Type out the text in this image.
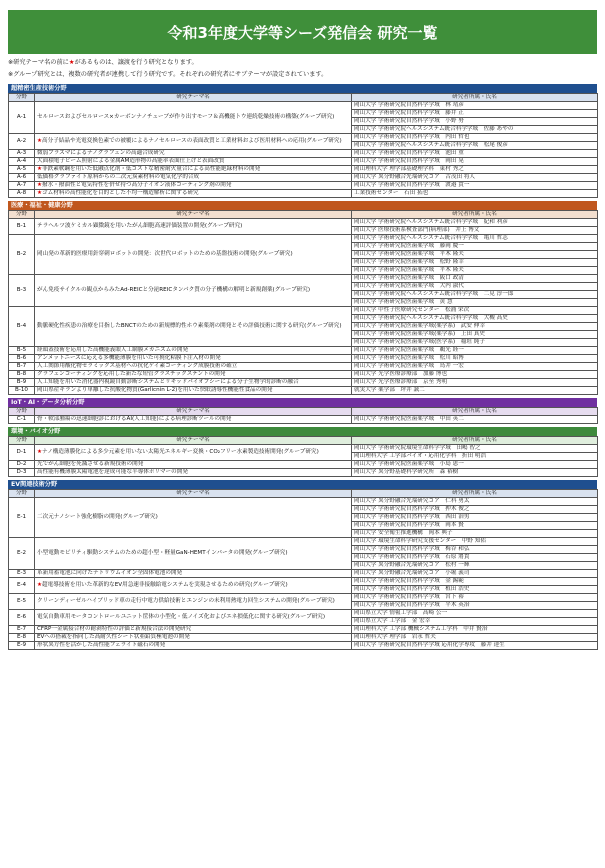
令和3年度大学等シーズ発信会 研究一覧
※研究テーマ名の前に★があるものは、譲渡を行う研究となります。
※グループ研究とは、複数の研究者が連携して行う研究です。それぞれの研究者にサブテーマが設定されています。
超精密生産技術分野
分野	研究テーマ名	研究者所属・氏名
A-1	セルロースおよびセルロース×カーボンナノチューブが作り出すモーフ＆高機能トウ連続乾燥技術の構築(グループ研究)	岡山大学 学術研究院自然科学学域　林 靖彦
岡山大学 学術研究院自然科学学域　藤井 正
岡山大学 学術研究院自然科学学域　小野 努
岡山大学 学術研究院ヘルスシステム統合科学学域　佐藤 あやの

A-2	★高分子結晶や光電変換色素での被覆によるナノセルロースの表面改質と工業材料および医用材料への応用(グループ研究)	岡山大学 学術研究院自然科学学域　内田 哲也
岡山大学 学術研究院ヘルスシステム統合科学学域　松尾 俊彦

A-3	微弱プラズマによるナノグラフェンの高適合成研究	岡山大学 学術研究院自然科学学域　池田 重

A-4	大面積電子ビーム照射による金属AM造形物の高能率表面仕上げと表面改質	岡山大学 学術研究院自然科学学域　岡田 晃

A-5	★非鉄素軟鋼を用いた低融点化剤・低コストな精密耐火量合による高性能絶緑材料の開発	岡山理科大学 理学部基礎理学科　東村 秀之

A-6	低価格グラファイト原料からの二次元炭素材料の電気化学的合成	岡山大学 異分野融合先端研究コア　古茂田 将人

A-7	★撥水・撥油性と電気特性を併せ持つ高分子イオン液体コーティング剤の開発	岡山大学 学術研究院自然科学学域　渡邉 貴一

A-8	★ゴム材料の高性能化を目的とした不均一構造解析に関する研究	工業技術センター　石田 拓也
医療・福祉・健康分野
分野	研究テーマ名	研究者所属・氏名
B-1	テラヘルツ波ケミカル顕微鏡を用いたがん細胞高速評価装置の開発(グループ研究)	岡山大学 学術研究院ヘルスシステム統合科学学域　紀和 利彦
岡山大学 医療技術系検査部門(病理部)　井上 博文

B-2	岡山発の革新的医療用針穿刺ロボットの開発：次世代ロボットのための基盤技術の開発(グループ研究)	岡山大学 学術研究院ヘルスシステム統合科学学域　亀川 哲志
岡山大学 学術研究院医歯薬学域　藤岡 慶一
岡山大学 学術研究院医歯薬学域　平木 隆夫
岡山大学 学術研究院医歯薬学域　松野 隆幸
岡山大学 学術研究院医歯薬学域　平木 隆夫

B-3	がん免疫サイクルの観点からみたAd-REICと分泌REICタンパク質の分子機構の解明と新規創薬(グループ研究)	岡山大学 学術研究院医歯薬学域　阪口 政清
岡山大学 学術研究院医歯薬学域　大内 淑代
岡山大学 学術研究院ヘルスシステム統合科学学域　二見 淳一郎
岡山大学 学術研究院医歯薬学域　黄 慧

B-4	動脈硬化性疾患の治療を目指したBNCTのための新規標的性ホウ素薬剤の開発とその評価技術に関する研究(グループ研究)	岡山大学 中性子医療研究センター　松浦 栄次
岡山大学 学術研究院ヘルスシステム統合科学学域　大槻 高史
岡山大学 学術研究院医歯薬学域(薬学系)　武安 伸幸
岡山大学 学術研究院医歯薬学域(薬学系)　上田 真史
岡山大学 学術研究院医歯薬学域(医学系)　稲垣 純子

B-5	経頭蓋技術を応用した高機能義眼人工網膜メカニズムの開発	岡山大学 学術研究院医歯薬学域　鵜光 経一

B-6	アンメットニーズに応える多機能薄膜を用いた可撓化粘膜下注入材の開発	岡山大学 学術研究院医歯薬学域　松川 昭博

B-7	人工関節用酸化物セラミックス基材への抗化ケイ素コーティング成膜技術の確立	岡山大学 学術研究院医歯薬学域　鳥井 一宏

B-8	グラフェンコーティングを応用した新たな短管グラスチックステントの開発	岡山大学 光学医療診療部　加藤 博也

B-9	人工知能を用いた消化器内視鏡自動診断システムとリキッドバイオプシーによる分子生物学的診断の融合	岡山大学 光学医療診療部　京至 秀明

B-10	岡山県産キランより単離した抗酸化物質(Garlicnin L-2)を用いた快眠誘導性機能性食品の開発	就実大学 薬学部　坪井 誠二
IoT・AI・データ分析分野
分野	研究テーマ名	研究者所属・氏名
C-1	骨・軟部腫瘍の迅速細胞診におけるAI(人工知能)による病理診断ツールの開発	岡山大学 学術研究院医歯薬学域　中田 英二
環境・バイオ分野
分野	研究テーマ名	研究者所属・氏名
D-1	★ナノ構造薄膜化による多少元素を用いない太陽光エネルギー変換・CO₂フリー水素製造技術開発(グループ研究)	岡山大学 学術研究院環境生命科学学域　田嶋 智之
岡山理科大学 工学部バイオ・応用化学科　折田 明浩

D-2	光でがん細胞を死滅させる新規技術の開発	岡山大学 学術研究院医歯薬学域　小島 恵一

D-3	高性能有機薄膜太陽電池を達成可能な半導体ポリマーの開発	岡山大学 異分野基礎科学研究所　森 裕樹
EV関連技術分野
分野	研究テーマ名	研究者所属・氏名
E-1	二次元ナノシート強化樹脂の開発(グループ研究)	岡山大学 異分野融合先端研究コア　仁科 勇太
岡山大学 学術研究院自然科学学域　押木 俊之
岡山大学 学術研究院自然科学学域　西田 治男
岡山大学 学術研究院自然科学学域　岡本 賢
岡山大学 安全衛生推進機構　岡本 典子

E-2	小型電動モビリティ駆動システムのための超小型・軽量GaN-HEMTインバータの開発(グループ研究)	岡山大学 環境生命科学研究支援センター　中野 知佑
岡山大学 学術研究院自然科学学域　梅谷 和弘
岡山大学 学術研究院自然科学学域　石原 將貴
岡山大学 異分野融合先端研究コア　松村 一輝

E-3	革新用蓄電池に向けたナトリウムイオン全固体電池の開発	岡山大学 異分野融合先端研究コア　小堀 義司

E-4	★超電導技術を用いた革新的なEV用急速非接触給電システムを実現させるための研究(グループ研究)	岡山大学 学術研究院自然科学学域　金 錫範
岡山大学 学術研究院自然科学学域　植田 浩史

E-5	クリーンディーゼルハイブリッド車の走行中電力供給技術とエンジンの未利用熱電力回生システムの開発(グループ研究)	岡山大学 学術研究院自然科学学域　宮下 裕
岡山大学 学術研究院自然科学学域　平木 英治

E-6	電気自動車用モータコントロールユニット筐体の小型化・低ノイズ化およびエネ損低化に関する研究(グループ研究)	岡山県立大学 情報工学部　高崎 公一
岡山県立大学 工学部　金 宏幸

E-7	CFRP一金属接合材の耐剥特性の評価と新規接合法の開発研究	岡山理科大学 工学部 機械システム工学科　中井 賢治

E-8	EVへの搭載を指向した高耐久性シート状亜鉛負極電池の開発	岡山理科大学 理学部　岩永 哲夫

E-9	形状異方性を活かした高性能フェライト磁石の開発	岡山大学 学術研究院自然科学学域 応用化学専攻　藤井 達生
